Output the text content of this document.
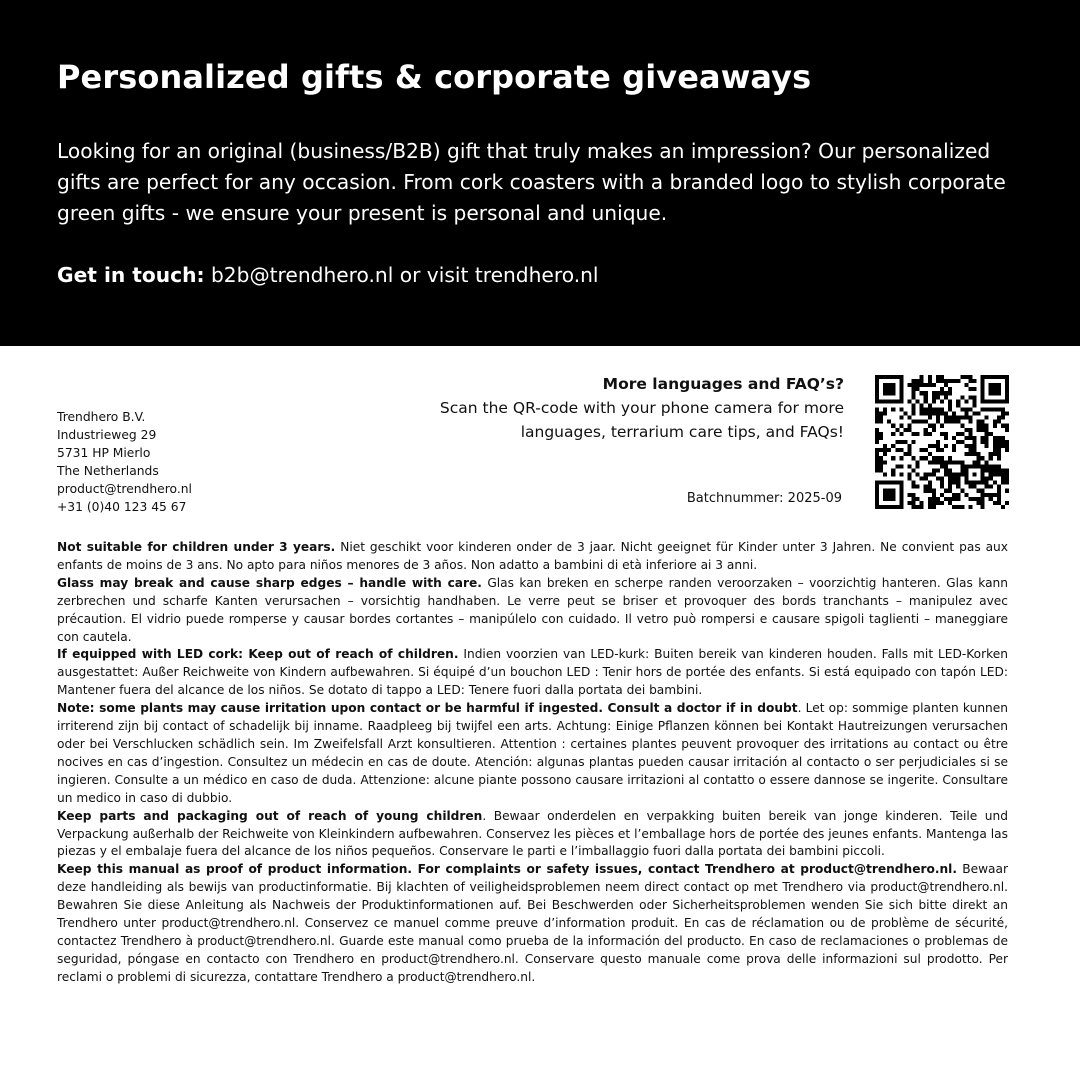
Personalized gifts & corporate giveaways

Looking for an original (business/B2B) gift that truly makes an impression? Our personalized gifts are perfect for any occasion. From cork coasters with a branded logo to stylish corporate green gifts - we ensure your present is personal and unique.

Get in touch: b2b@trendhero.nl or visit trendhero.nl

Trendhero B.V.
Industrieweg 29
5731 HP Mierlo
The Netherlands
product@trendhero.nl
+31 (0)40 123 45 67
More languages and FAQ’s?
Scan the QR-code with your phone camera for more
languages, terrarium care tips, and FAQs!
Batchnummer: 2025-09

Not suitable for children under 3 years. Niet geschikt voor kinderen onder de 3 jaar. Nicht geeignet für Kinder unter 3 Jahren. Ne convient pas aux enfants de moins de 3 ans. No apto para niños menores de 3 años. Non adatto a bambini di età inferiore ai 3 anni.

Glass may break and cause sharp edges – handle with care. Glas kan breken en scherpe randen veroorzaken – voorzichtig hanteren. Glas kann zerbrechen und scharfe Kanten verursachen – vorsichtig handhaben. Le verre peut se briser et provoquer des bords tranchants – manipulez avec précaution. El vidrio puede romperse y causar bordes cortantes – manipúlelo con cuidado. Il vetro può rompersi e causare spigoli taglienti – maneggiare con cautela.

If equipped with LED cork: Keep out of reach of children. Indien voorzien van LED-kurk: Buiten bereik van kinderen houden. Falls mit LED-Korken ausgestattet: Außer Reichweite von Kindern aufbewahren. Si équipé d’un bouchon LED : Tenir hors de portée des enfants. Si está equipado con tapón LED: Mantener fuera del alcance de los niños. Se dotato di tappo a LED: Tenere fuori dalla portata dei bambini.

Note: some plants may cause irritation upon contact or be harmful if ingested. Consult a doctor if in doubt. Let op: sommige planten kunnen irriterend zijn bij contact of schadelijk bij inname. Raadpleeg bij twijfel een arts. Achtung: Einige Pflanzen können bei Kontakt Hautreizungen verursachen oder bei Verschlucken schädlich sein. Im Zweifelsfall Arzt konsultieren. Attention : certaines plantes peuvent provoquer des irritations au contact ou être nocives en cas d’ingestion. Consultez un médecin en cas de doute. Atención: algunas plantas pueden causar irritación al contacto o ser perjudiciales si se ingieren. Consulte a un médico en caso de duda. Attenzione: alcune piante possono causare irritazioni al contatto o essere dannose se ingerite. Consultare un medico in caso di dubbio.

Keep parts and packaging out of reach of young children. Bewaar onderdelen en verpakking buiten bereik van jonge kinderen. Teile und Verpackung außerhalb der Reichweite von Kleinkindern aufbewahren. Conservez les pièces et l’emballage hors de portée des jeunes enfants. Mantenga las piezas y el embalaje fuera del alcance de los niños pequeños. Conservare le parti e l’imballaggio fuori dalla portata dei bambini piccoli.

Keep this manual as proof of product information. For complaints or safety issues, contact Trendhero at product@trendhero.nl. Bewaar deze handleiding als bewijs van productinformatie. Bij klachten of veiligheidsproblemen neem direct contact op met Trendhero via product@trendhero.nl. Bewahren Sie diese Anleitung als Nachweis der Produktinformationen auf. Bei Beschwerden oder Sicherheitsproblemen wenden Sie sich bitte direkt an Trendhero unter product@trendhero.nl. Conservez ce manuel comme preuve d’information produit. En cas de réclamation ou de problème de sécurité, contactez Trendhero à product@trendhero.nl. Guarde este manual como prueba de la información del producto. En caso de reclamaciones o problemas de seguridad, póngase en contacto con Trendhero en product@trendhero.nl. Conservare questo manuale come prova delle informazioni sul prodotto. Per reclami o problemi di sicurezza, contattare Trendhero a product@trendhero.nl.
